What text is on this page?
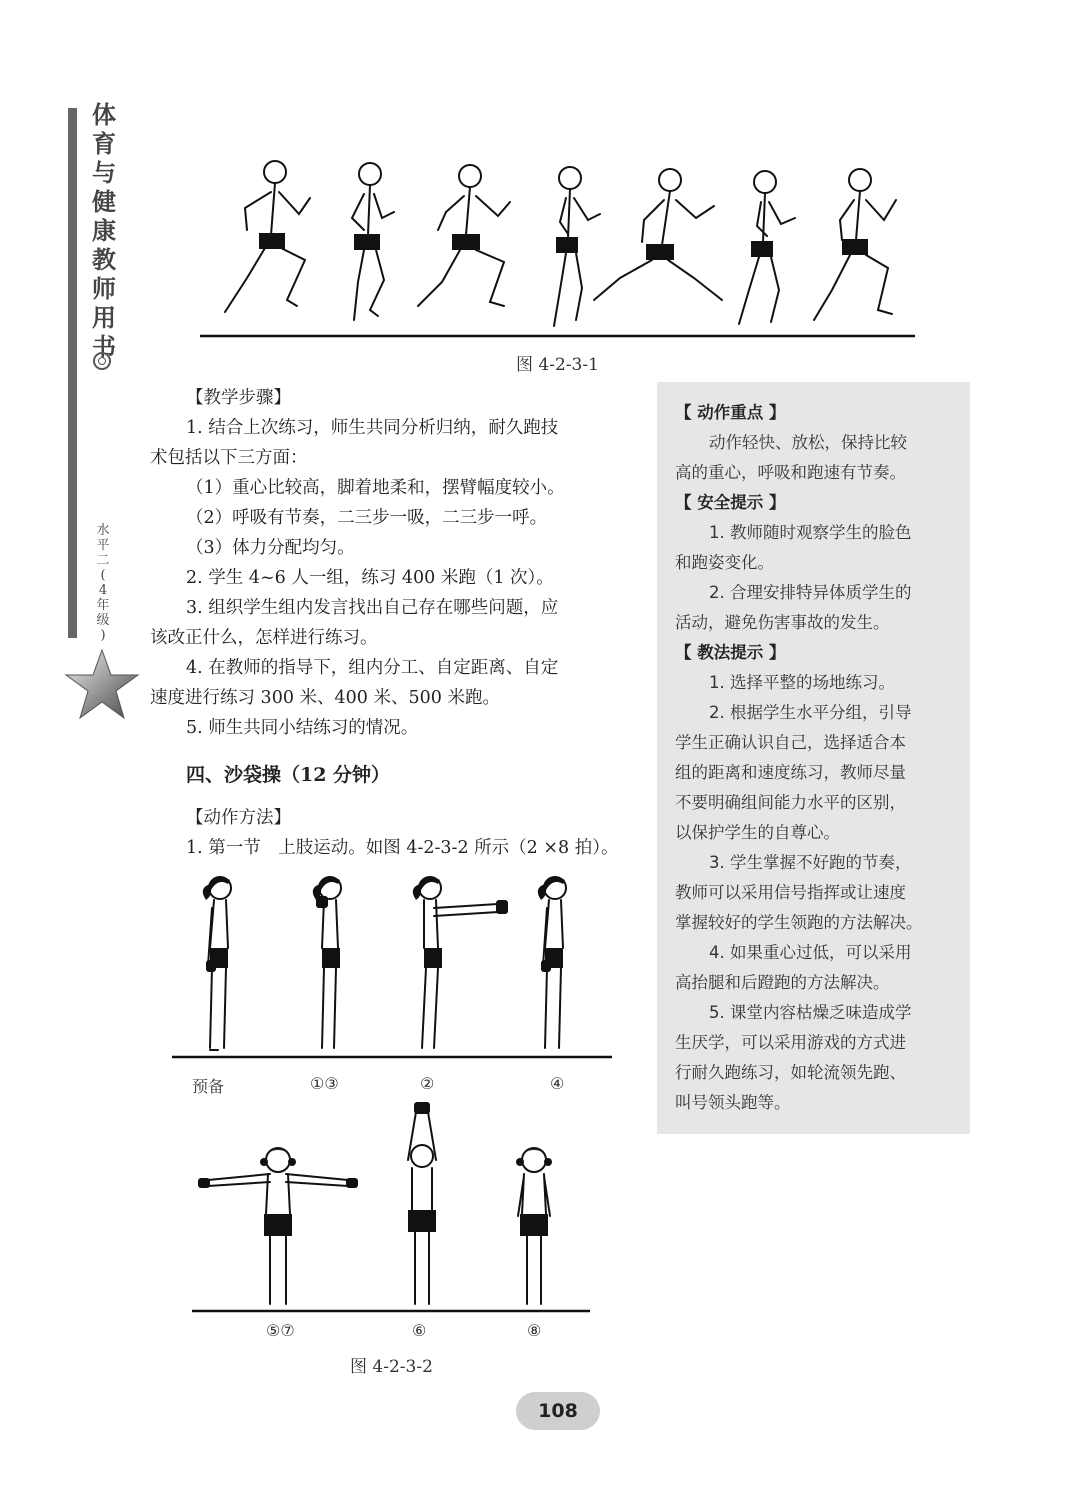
体
育
与
健
康
教
师
用
书
水
平
二
(
4
年
级
)
图 4-2-3-1

【教学步骤】

1. 结合上次练习，师生共同分析归纳，耐久跑技

术包括以下三方面：

（1）重心比较高，脚着地柔和，摆臂幅度较小。

（2）呼吸有节奏，二三步一吸，二三步一呼。

（3）体力分配均匀。

2. 学生 4~6 人一组，练习 400 米跑（1 次）。

3. 组织学生组内发言找出自己存在哪些问题，应

该改正什么，怎样进行练习。

4. 在教师的指导下，组内分工、自定距离、自定

速度进行练习 300 米、400 米、500 米跑。

5. 师生共同小结练习的情况。

四、沙袋操（12 分钟）

【动作方法】

1. 第一节　上肢运动。如图 4-2-3-2 所示（2 ×8 拍）。

【 动作重点 】

动作轻快、放松，保持比较

高的重心，呼吸和跑速有节奏。

【 安全提示 】

1. 教师随时观察学生的脸色

和跑姿变化。

2. 合理安排特异体质学生的

活动，避免伤害事故的发生。

【 教法提示 】

1. 选择平整的场地练习。

2. 根据学生水平分组，引导

学生正确认识自己，选择适合本

组的距离和速度练习，教师尽量

不要明确组间能力水平的区别，

以保护学生的自尊心。

3. 学生掌握不好跑的节奏，

教师可以采用信号指挥或让速度

掌握较好的学生领跑的方法解决。

4. 如果重心过低，可以采用

高抬腿和后蹬跑的方法解决。

5. 课堂内容枯燥乏味造成学

生厌学，可以采用游戏的方式进

行耐久跑练习，如轮流领先跑、

叫号领头跑等。

预备	①③	②	④
⑤⑦	⑥	⑧
图 4-2-3-2
108
